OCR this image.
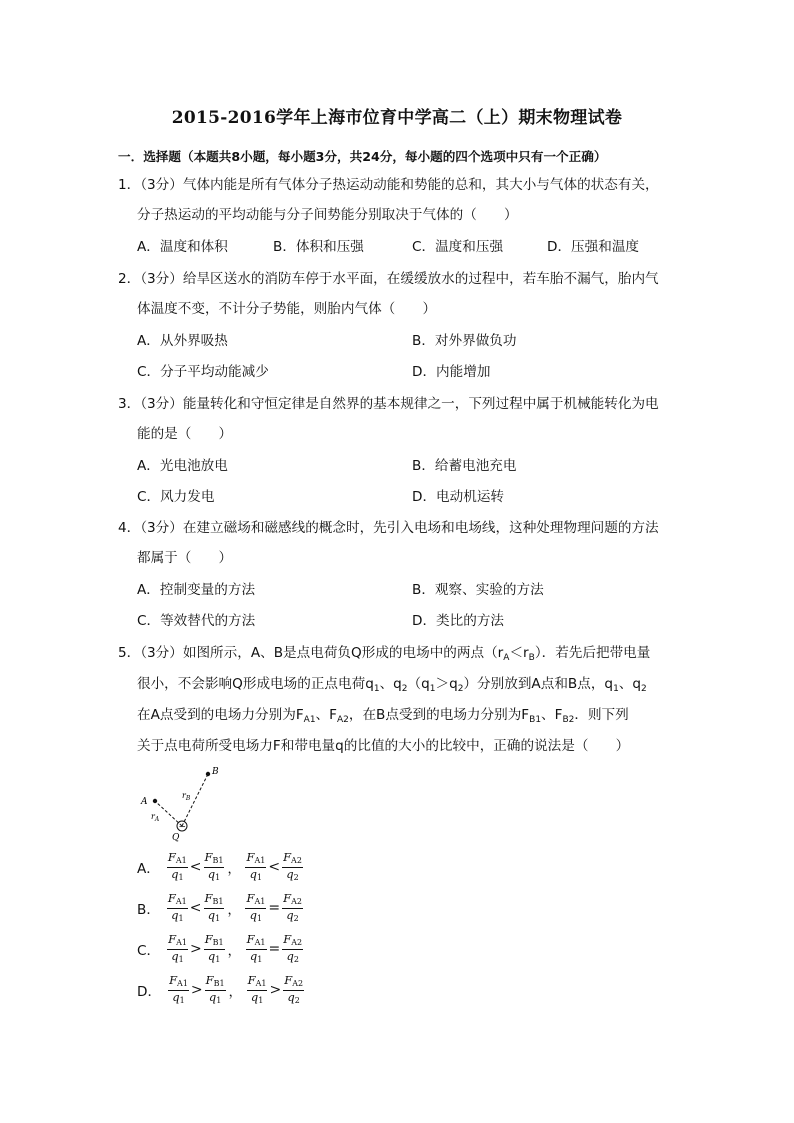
2015-2016学年上海市位育中学高二（上）期末物理试卷
一．选择题（本题共8小题，每小题3分，共24分，每小题的四个选项中只有一个正确）
1．（3分）气体内能是所有气体分子热运动动能和势能的总和，其大小与气体的状态有关，
分子热运动的平均动能与分子间势能分别取决于气体的（　　）
A．温度和体积	B．体积和压强	C．温度和压强	D．压强和温度
2．（3分）给旱区送水的消防车停于水平面，在缓缓放水的过程中，若车胎不漏气，胎内气
体温度不变，不计分子势能，则胎内气体（　　）
A．从外界吸热	B．对外界做负功
C．分子平均动能减少	D．内能增加
3．（3分）能量转化和守恒定律是自然界的基本规律之一，下列过程中属于机械能转化为电
能的是（　　）
A．光电池放电	B．给蓄电池充电
C．风力发电	D．电动机运转
4．（3分）在建立磁场和磁感线的概念时，先引入电场和电场线，这种处理物理问题的方法
都属于（　　）
A．控制变量的方法	B．观察、实验的方法
C．等效替代的方法	D．类比的方法
5．（3分）如图所示，A、B是点电荷负Q形成的电场中的两点$(r_A<r_B)$．若先后把带电量
很小，不会影响Q形成电场的正点电荷$q_1$、$q_2(q_1>q_2)$分别放到A点和B点，$q_1$、$q_2$
在A点受到的电场力分别为$F_{A1}$、$F_{A2}$，在B点受到的电场力分别为$F_{B1}$、$F_{B2}$．则下列
关于点电荷所受电场力F和带电量q的比值的大小的比较中，正确的说法是（　　）
−
B
A
$r_B$
$r_A$
Q
A． $\frac{F_{A1}}{q_1} < \frac{F_{B1}}{q_1}$ ， $\frac{F_{A1}}{q_1} < \frac{F_{A2}}{q_2}$
B． $\frac{F_{A1}}{q_1} < \frac{F_{B1}}{q_1}$ ， $\frac{F_{A1}}{q_1} = \frac{F_{A2}}{q_2}$
C． $\frac{F_{A1}}{q_1} > \frac{F_{B1}}{q_1}$ ， $\frac{F_{A1}}{q_1} = \frac{F_{A2}}{q_2}$
D． $\frac{F_{A1}}{q_1} > \frac{F_{B1}}{q_1}$ ， $\frac{F_{A1}}{q_1} > \frac{F_{A2}}{q_2}$
